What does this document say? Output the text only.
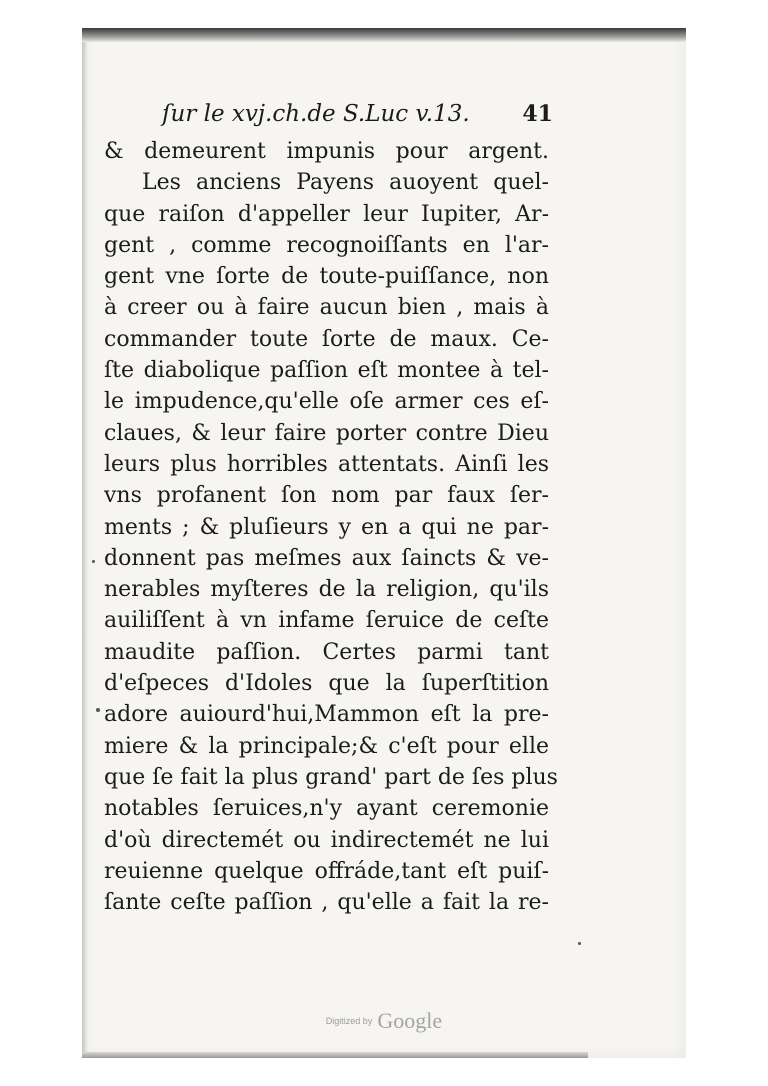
ſur le xvj.ch.de S.Luc v.13. 41
& demeurent impunis pour argent.
Les anciens Payens auoyent quel-
que raiſon d'appeller leur Iupiter, Ar-
gent , comme recognoiſſants en l'ar-
gent vne ſorte de toute-puiſſance, non
à creer ou à faire aucun bien , mais à
commander toute ſorte de maux. Ce-
ſte diabolique paſſion eſt montee à tel-
le impudence,qu'elle oſe armer ces eſ-
claues, & leur faire porter contre Dieu
leurs plus horribles attentats. Ainſi les
vns profanent ſon nom par faux ſer-
ments ; & pluſieurs y en a qui ne par-
donnent pas meſmes aux ſaincts & ve-
nerables myſteres de la religion, qu'ils
auiliſſent à vn infame ſeruice de ceſte
maudite paſſion. Certes parmi tant
d'eſpeces d'Idoles que la ſuperſtition
adore auiourd'hui,Mammon eſt la pre-
miere & la principale;& c'eſt pour elle
que ſe fait la plus grand' part de ſes plus
notables ſeruices,n'y ayant ceremonie
d'où directemét ou indirectemét ne lui
reuienne quelque offráde,tant eſt puiſ-
ſante ceſte paſſion , qu'elle a fait la re-
Digitized by Google
